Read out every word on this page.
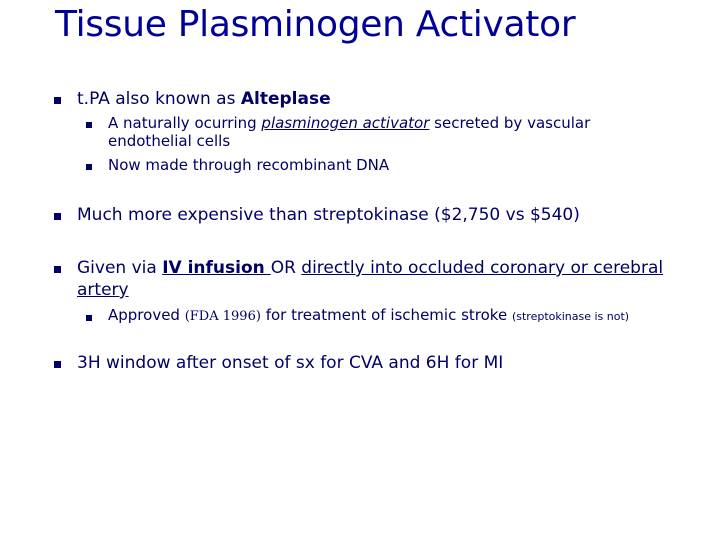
Tissue Plasminogen Activator
t.PA also known as Alteplase
A naturally ocurring plasminogen activator secreted by vascular
endothelial cells
Now made through recombinant DNA
Much more expensive than streptokinase ($2,750 vs $540)
Given via IV infusion OR directly into occluded coronary or cerebral
artery
Approved (FDA 1996) for treatment of ischemic stroke (streptokinase is not)
3H window after onset of sx for CVA and 6H for MI
